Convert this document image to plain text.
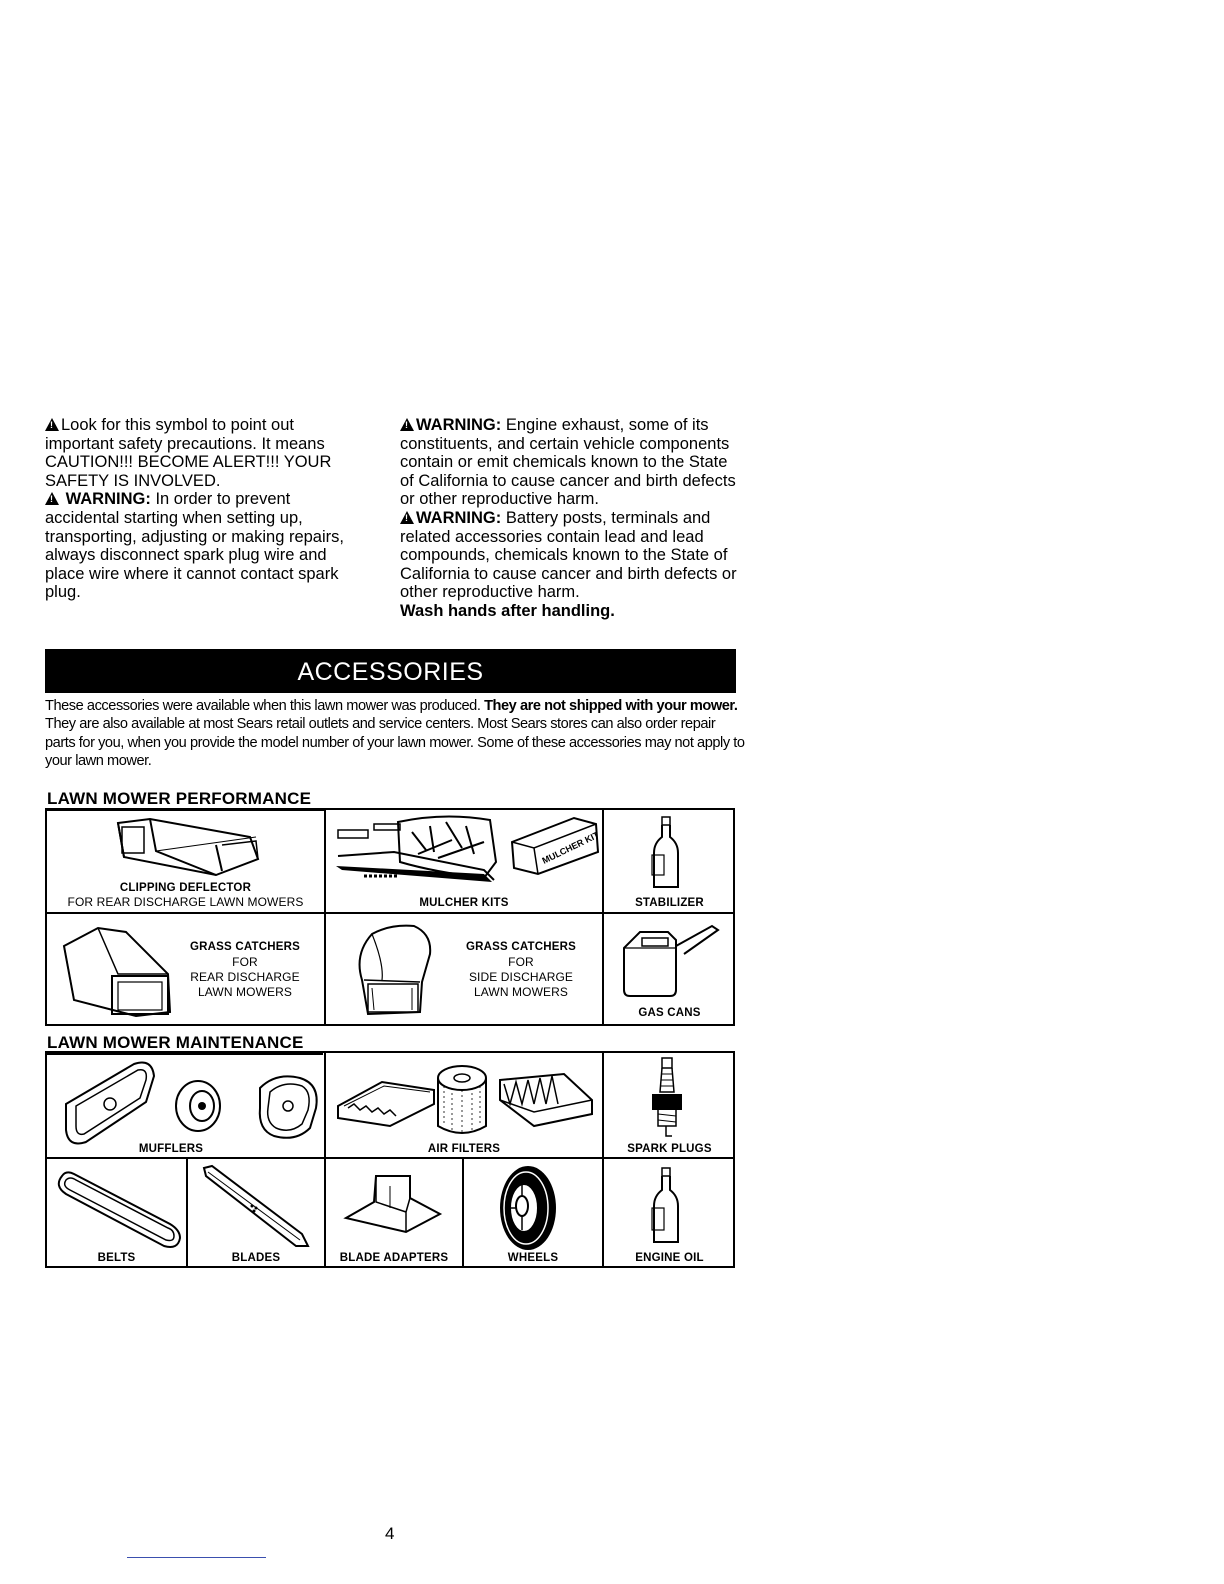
!Look for this symbol to point out important safety precautions. It means CAUTION!!! BECOME ALERT!!! YOUR SAFETY IS INVOLVED.

! WARNING: In order to prevent accidental starting when setting up, transporting, adjusting or making repairs, always disconnect spark plug wire and place wire where it cannot contact spark plug.

!WARNING: Engine exhaust, some of its constituents, and certain vehicle components contain or emit chemicals known to the State of California to cause cancer and birth defects or other reproductive harm.

!WARNING: Battery posts, terminals and related accessories contain lead and lead compounds, chemicals known to the State of California to cause cancer and birth defects or other reproductive harm.

Wash hands after handling.

ACCESSORIES
These accessories were available when this lawn mower was produced. They are not shipped with your mower. They are also available at most Sears retail outlets and service centers. Most Sears stores can also order repair parts for you, when you provide the model number of your lawn mower. Some of these accessories may not apply to your lawn mower.
LAWN MOWER PERFORMANCE
CLIPPING DEFLECTOR
FOR REAR DISCHARGE LAWN MOWERS
MULCHER KIT
MULCHER KITS	STABILIZER
GRASS CATCHERS
FOR
REAR DISCHARGE
LAWN MOWERS
GRASS CATCHERS
FOR
SIDE DISCHARGE
LAWN MOWERS
GAS CANS
LAWN MOWER MAINTENANCE
MUFFLERS	AIR FILTERS	SPARK PLUGS
BELTS	BLADES	BLADE ADAPTERS	WHEELS	ENGINE OIL
4
